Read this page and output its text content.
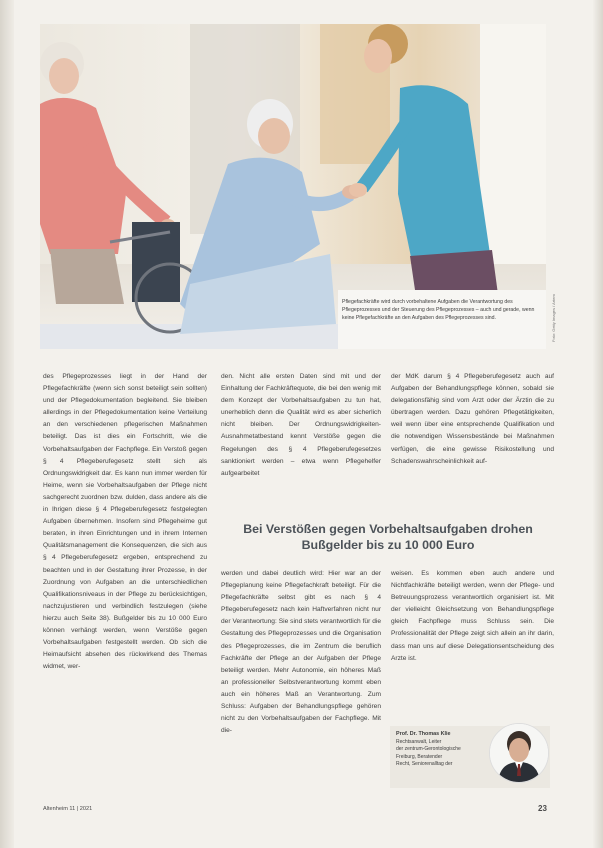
Pflegefachkräfte wird durch vorbehaltene Aufgaben die Verantwortung des Pflegeprozesses und der Steuerung des Pflegeprozesses – auch und gerade, wenn keine Pflegefachkräfte an den Aufgaben des Pflegeprozesses sind.	Foto: Getty Images / Artem

des Pflegeprozesses liegt in der Hand der Pflegefachkräfte (wenn sich sonst beteiligt sein sollten) und der Pflegedokumentation begleitend. Sie bleiben allerdings in der Pflegedokumentation keine Verteilung an den verschiedenen pflegerischen Maßnahmen beteiligt. Das ist dies ein Fortschritt, wie die Vorbehaltsaufgaben der Fachpflege. Ein Verstoß gegen § 4 Pflegeberufegesetz stellt sich als Ordnungswidrigkeit dar. Es kann nun immer werden für Heime, wenn sie Vorbehaltsaufgaben der Pflege nicht sachgerecht zuordnen bzw. dulden, dass andere als die in Ihrigen diese § 4 Pflegeberufegesetz festgelegten Aufgaben übernehmen. Insofern sind Pflegeheime gut beraten, in ihren Einrichtungen und in ihrem Internen Qualitätsmanagement die Konsequenzen, die sich aus § 4 Pflegeberufegesetz ergeben, entsprechend zu beachten und in der Gestaltung ihrer Prozesse, in der Zuordnung von Aufgaben an die unterschiedlichen Qualifikationsniveaus in der Pflege zu berücksichtigen, nachzujustieren und verbindlich festzulegen (siehe hierzu auch Seite 38). Bußgelder bis zu 10 000 Euro können verhängt werden, wenn Verstöße gegen Vorbehaltsaufgaben festgestellt werden. Ob sich die Heimaufsicht absehen des rückwirkend des Themas widmet, wer-

den. Nicht alle ersten Daten sind mit und der Einhaltung der Fachkräftequote, die bei den wenig mit dem Konzept der Vorbehaltsaufgaben zu tun hat, unerheblich denn die Qualität wird es aber sicherlich nicht bleiben. Der Ordnungswidrigkeiten-Ausnahmetatbestand kennt Verstöße gegen die Regelungen des § 4 Pflegeberufegesetzes sanktioniert werden – etwa wenn Pflegehelfer aufgearbeitet

der MdK darum § 4 Pflegeberufegesetz auch auf Aufgaben der Behandlungspflege können, sobald sie delegationsfähig sind vom Arzt oder der Ärztin die zu übertragen werden. Dazu gehören Pflegetätigkeiten, weil wenn über eine entsprechende Qualifikation und die notwendigen Wissensbestände bei Maßnahmen verfügen, die eine gewisse Risikostellung und Schadenswahrscheinlichkeit auf-

Bei Verstößen gegen Vorbehaltsaufgaben drohen Bußgelder bis zu 10 000 Euro

werden und dabei deutlich wird: Hier war an der Pflegeplanung keine Pflegefachkraft beteiligt. Für die Pflegefachkräfte selbst gibt es nach § 4 Pflegeberufegesetz nach kein Haftverfahren nicht nur der Verantwortung: Sie sind stets verantwortlich für die Gestaltung des Pflegeprozesses und die Organisation des Pflegeprozesses, die im Zentrum die beruflich Fachkräfte der Pflege an der Aufgaben der Pflege beteiligt werden. Mehr Autonomie, ein höheres Maß an professioneller Selbstverantwortung kommt eben auch ein höheres Maß an Verantwortung. Zum Schluss: Aufgaben der Behandlungspflege gehören nicht zu den Vorbehaltsaufgaben der Fachpflege. Mit die-

weisen. Es kommen eben auch andere und Nichtfachkräfte beteiligt werden, wenn der Pflege- und Betreuungsprozess verantwortlich organisiert ist. Mit der vielleicht Gleichsetzung von Behandlungspflege gleich Fachpflege muss Schluss sein. Die Professionalität der Pflege zeigt sich allein an ihr darin, dass man uns auf diese Delegationsentscheidung des Arzte ist.

Prof. Dr. Thomas Klie
Rechtsanwalt, Leiter
der zentrum-Gerontologische
Freiburg, Beratender
Recht, Seniorenalltag der
Altenheim 11 | 2021	23
